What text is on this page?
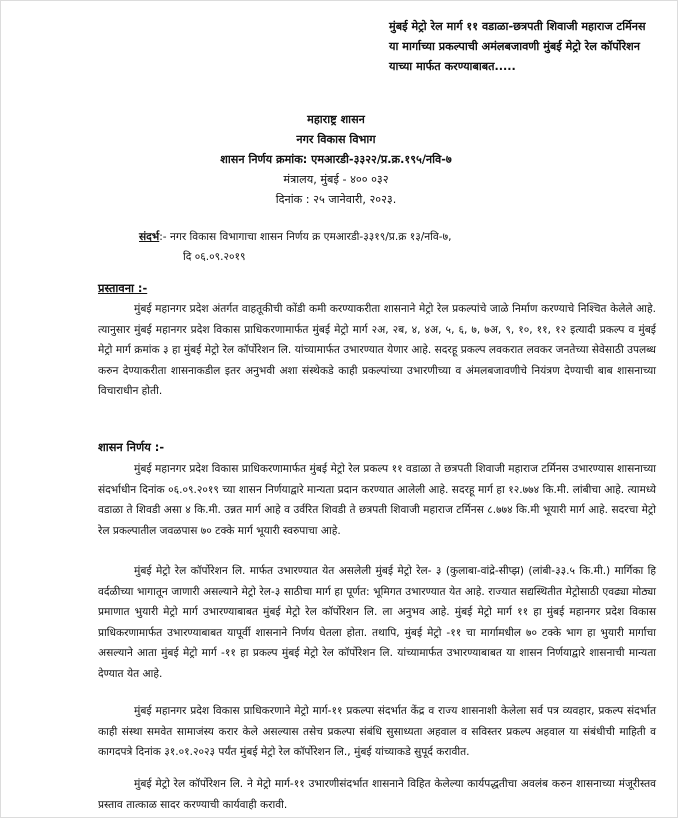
मुंबई मेट्रो रेल मार्ग ११ वडाळा-छत्रपती शिवाजी महाराज टर्मिनस या मार्गाच्या प्रकल्पाची अमंलबजावणी मुंबई मेट्रो रेल कॉर्पोरेशन याच्या मार्फत करण्याबाबत.....
महाराष्ट्र शासन
नगर विकास विभाग
शासन निर्णय क्रमांक: एमआरडी-३३२२/प्र.क्र.१९५/नवि-७
मंत्रालय, मुंबई - ४०० ०३२
दिनांक : २५ जानेवारी, २०२३.
संदर्भ:- नगर विकास विभागाचा शासन निर्णय क्र एमआरडी-३३१९/प्र.क्र १३/नवि-७,
दि ०६.०९.२०१९
प्रस्तावना :-
मुंबई महानगर प्रदेश अंतर्गत वाहतूकीची कोंडी कमी करण्याकरीता शासनाने मेट्रो रेल प्रकल्पांचे जाळे निर्माण करण्याचे निश्चित केलेले आहे. त्यानुसार मुंबई महानगर प्रदेश विकास प्राधिकरणामार्फत मुंबई मेट्रो मार्ग २अ, २ब, ४, ४अ, ५, ६, ७, ७अ, ९, १०, ११, १२ इत्यादी प्रकल्प व मुंबई मेट्रो मार्ग क्रमांक ३ हा मुंबई मेट्रो रेल कॉर्पोरेशन लि. यांच्यामार्फत उभारण्यात येणार आहे. सदरहू प्रकल्प लवकरात लवकर जनतेच्या सेवेसाठी उपलब्ध करुन देण्याकरीता शासनाकडील इतर अनुभवी अशा संस्थेकडे काही प्रकल्पांच्या उभारणीच्या व अंमलबजावणीचे नियंत्रण देण्याची बाब शासनाच्या विचाराधीन होती.
शासन निर्णय :-
मुंबई महानगर प्रदेश विकास प्राधिकरणामार्फत मुंबई मेट्रो रेल प्रकल्प ११ वडाळा ते छत्रपती शिवाजी महाराज टर्मिनस उभारण्यास शासनाच्या संदर्भाधीन दिनांक ०६.०९.२०१९ च्या शासन निर्णयाद्वारे मान्यता प्रदान करण्यात आलेली आहे. सदरहू मार्ग हा १२.७७४ कि.मी. लांबीचा आहे. त्यामध्ये वडाळा ते शिवडी असा ४ कि.मी. उन्नत मार्ग आहे व उर्वरित शिवडी ते छत्रपती शिवाजी महाराज टर्मिनस ८.७७४ कि.मी भूयारी मार्ग आहे. सदरचा मेट्रो रेल प्रकल्पातील जवळपास ७० टक्के मार्ग भूयारी स्वरुपाचा आहे.
मुंबई मेट्रो रेल कॉर्पोरेशन लि. मार्फत उभारण्यात येत असलेली मुंबई मेट्रो रेल- ३ (कुलाबा-वांद्रे-सीप्झ) (लांबी-३३.५ कि.मी.) मार्गिका हि वर्दळीच्या भागातून जाणारी असल्याने मेट्रो रेल-३ साठीचा मार्ग हा पूर्णत: भूमिगत उभारण्यात येत आहे. राज्यात सद्यस्थितीत मेट्रोसाठी एवढ्या मोठ्या प्रमाणात भुयारी मेट्रो मार्ग उभारण्याबाबत मुंबई मेट्रो रेल कॉर्पोरेशन लि. ला अनुभव आहे. मुंबई मेट्रो मार्ग ११ हा मुंबई महानगर प्रदेश विकास प्राधिकरणामार्फत उभारण्याबाबत यापूर्वी शासनाने निर्णय घेतला होता. तथापि, मुंबई मेट्रो -११ चा मार्गामधील ७० टक्के भाग हा भुयारी मार्गाचा असल्याने आता मुंबई मेट्रो मार्ग -११ हा प्रकल्प मुंबई मेट्रो रेल कॉर्पोरेशन लि. यांच्यामार्फत उभारण्याबाबत या शासन निर्णयाद्वारे शासनाची मान्यता देण्यात येत आहे.
मुंबई महानगर प्रदेश विकास प्राधिकरणाने मेट्रो मार्ग-११ प्रकल्पा संदर्भात केंद्र व राज्य शासनाशी केलेला सर्व पत्र व्यवहार, प्रकल्प संदर्भात काही संस्था समवेत सामाजंस्य करार केले असल्यास तसेच प्रकल्पा संबंधि सुसाध्यता अहवाल व सविस्तर प्रकल्प अहवाल या संबंधीची माहिती व कागदपत्रे दिनांक ३१.०१.२०२३ पर्यंत मुंबई मेट्रो रेल कॉर्पोरेशन लि., मुंबई यांच्याकडे सुपूर्द करावीत.
मुंबई मेट्रो रेल कॉर्पोरेशन लि. ने मेट्रो मार्ग-११ उभारणीसंदर्भात शासनाने विहित केलेल्या कार्यपद्धतीचा अवलंब करुन शासनाच्या मंजूरीस्तव प्रस्ताव तात्काळ सादर करण्याची कार्यवाही करावी.
